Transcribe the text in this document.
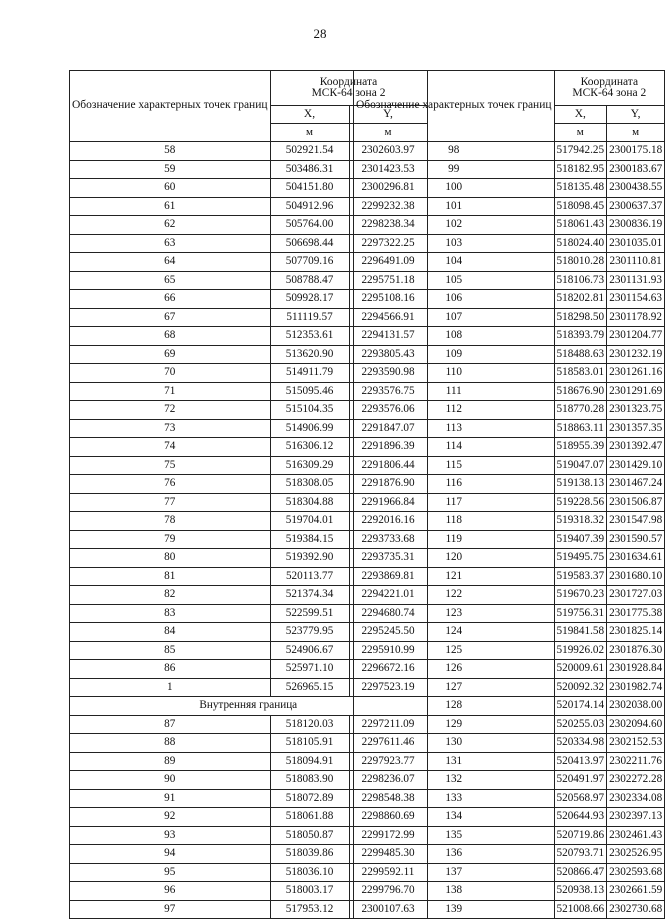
28
Обозначение характерных точек границ	Координата
МСК-64 зона 2	

	X,	Y,
	м	м
58	502921.54	2302603.97
59	503486.31	2301423.53
60	504151.80	2300296.81
61	504912.96	2299232.38
62	505764.00	2298238.34
63	506698.44	2297322.25
64	507709.16	2296491.09
65	508788.47	2295751.18
66	509928.17	2295108.16
67	511119.57	2294566.91
68	512353.61	2294131.57
69	513620.90	2293805.43
70	514911.79	2293590.98
71	515095.46	2293576.75
72	515104.35	2293576.06
73	514906.99	2291847.07
74	516306.12	2291896.39
75	516309.29	2291806.44
76	518308.05	2291876.90
77	518304.88	2291966.84
78	519704.01	2292016.16
79	519384.15	2293733.68
80	519392.90	2293735.31
81	520113.77	2293869.81
82	521374.34	2294221.01
83	522599.51	2294680.74
84	523779.95	2295245.50
85	524906.67	2295910.99
86	525971.10	2296672.16
1	526965.15	2297523.19
Внутренняя граница		
87	518120.03	2297211.09
88	518105.91	2297611.46
89	518094.91	2297923.77
90	518083.90	2298236.07
91	518072.89	2298548.38
92	518061.88	2298860.69
93	518050.87	2299172.99
94	518039.86	2299485.30
95	518036.10	2299592.11
96	518003.17	2299796.70
97	517953.12	2300107.63
Обозначение характерных точек границ	Координата
МСК-64 зона 2	

	X,	Y,
	м	м
98	517942.25	2300175.18
99	518182.95	2300183.67
100	518135.48	2300438.55
101	518098.45	2300637.37
102	518061.43	2300836.19
103	518024.40	2301035.01
104	518010.28	2301110.81
105	518106.73	2301131.93
106	518202.81	2301154.63
107	518298.50	2301178.92
108	518393.79	2301204.77
109	518488.63	2301232.19
110	518583.01	2301261.16
111	518676.90	2301291.69
112	518770.28	2301323.75
113	518863.11	2301357.35
114	518955.39	2301392.47
115	519047.07	2301429.10
116	519138.13	2301467.24
117	519228.56	2301506.87
118	519318.32	2301547.98
119	519407.39	2301590.57
120	519495.75	2301634.61
121	519583.37	2301680.10
122	519670.23	2301727.03
123	519756.31	2301775.38
124	519841.58	2301825.14
125	519926.02	2301876.30
126	520009.61	2301928.84
127	520092.32	2301982.74
128	520174.14	2302038.00
129	520255.03	2302094.60
130	520334.98	2302152.53
131	520413.97	2302211.76
132	520491.97	2302272.28
133	520568.97	2302334.08
134	520644.93	2302397.13
135	520719.86	2302461.43
136	520793.71	2302526.95
137	520866.47	2302593.68
138	520938.13	2302661.59
139	521008.66	2302730.68
